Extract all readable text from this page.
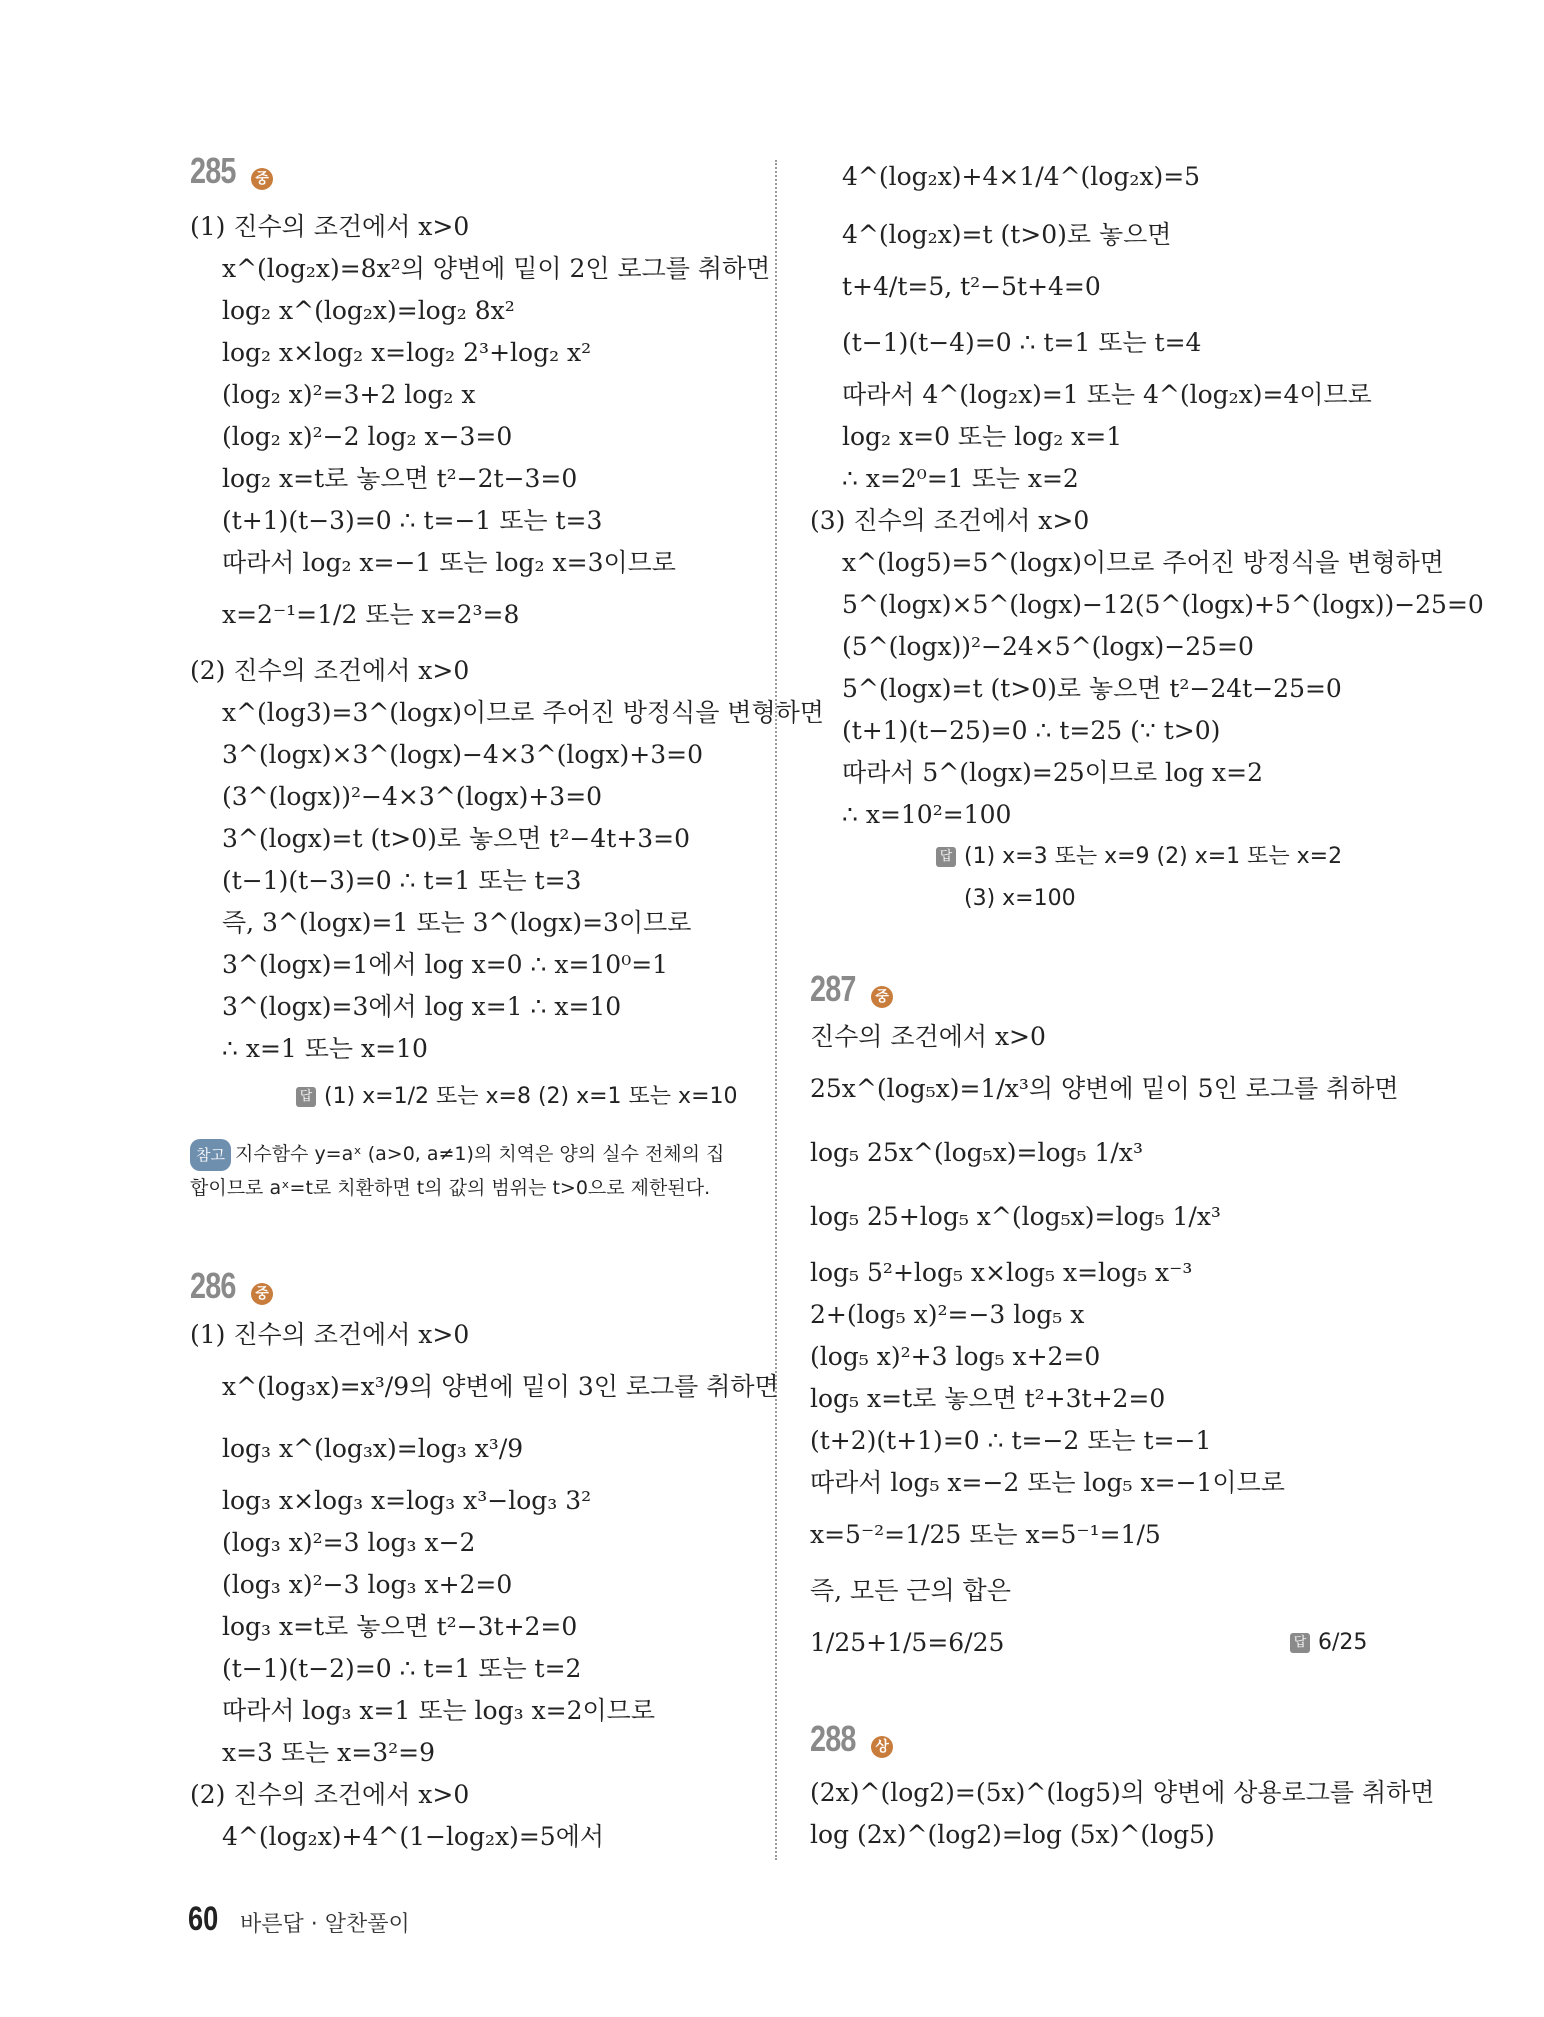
285 중
(1) 진수의 조건에서 x>0
x^(log₂x)=8x²의 양변에 밑이 2인 로그를 취하면
log₂ x^(log₂x)=log₂ 8x²
log₂ x×log₂ x=log₂ 2³+log₂ x²
(log₂ x)²=3+2 log₂ x
(log₂ x)²−2 log₂ x−3=0
log₂ x=t로 놓으면 t²−2t−3=0
(t+1)(t−3)=0 ∴ t=−1 또는 t=3
따라서 log₂ x=−1 또는 log₂ x=3이므로
x=2⁻¹=1/2 또는 x=2³=8
(2) 진수의 조건에서 x>0
x^(log3)=3^(logx)이므로 주어진 방정식을 변형하면
3^(logx)×3^(logx)−4×3^(logx)+3=0
(3^(logx))²−4×3^(logx)+3=0
3^(logx)=t (t>0)로 놓으면 t²−4t+3=0
(t−1)(t−3)=0 ∴ t=1 또는 t=3
즉, 3^(logx)=1 또는 3^(logx)=3이므로
3^(logx)=1에서 log x=0 ∴ x=10⁰=1
3^(logx)=3에서 log x=1 ∴ x=10
∴ x=1 또는 x=10
답 (1) x=1/2 또는 x=8 (2) x=1 또는 x=10
참고 지수함수 y=aˣ (a>0, a≠1)의 치역은 양의 실수 전체의 집
합이므로 aˣ=t로 치환하면 t의 값의 범위는 t>0으로 제한된다.
286 중
(1) 진수의 조건에서 x>0
x^(log₃x)=x³/9의 양변에 밑이 3인 로그를 취하면
log₃ x^(log₃x)=log₃ x³/9
log₃ x×log₃ x=log₃ x³−log₃ 3²
(log₃ x)²=3 log₃ x−2
(log₃ x)²−3 log₃ x+2=0
log₃ x=t로 놓으면 t²−3t+2=0
(t−1)(t−2)=0 ∴ t=1 또는 t=2
따라서 log₃ x=1 또는 log₃ x=2이므로
x=3 또는 x=3²=9
(2) 진수의 조건에서 x>0
4^(log₂x)+4^(1−log₂x)=5에서
4^(log₂x)+4×1/4^(log₂x)=5
4^(log₂x)=t (t>0)로 놓으면
t+4/t=5, t²−5t+4=0
(t−1)(t−4)=0 ∴ t=1 또는 t=4
따라서 4^(log₂x)=1 또는 4^(log₂x)=4이므로
log₂ x=0 또는 log₂ x=1
∴ x=2⁰=1 또는 x=2
(3) 진수의 조건에서 x>0
x^(log5)=5^(logx)이므로 주어진 방정식을 변형하면
5^(logx)×5^(logx)−12(5^(logx)+5^(logx))−25=0
(5^(logx))²−24×5^(logx)−25=0
5^(logx)=t (t>0)로 놓으면 t²−24t−25=0
(t+1)(t−25)=0 ∴ t=25 (∵ t>0)
따라서 5^(logx)=25이므로 log x=2
∴ x=10²=100
답 (1) x=3 또는 x=9 (2) x=1 또는 x=2
(3) x=100
287 중
진수의 조건에서 x>0
25x^(log₅x)=1/x³의 양변에 밑이 5인 로그를 취하면
log₅ 25x^(log₅x)=log₅ 1/x³
log₅ 25+log₅ x^(log₅x)=log₅ 1/x³
log₅ 5²+log₅ x×log₅ x=log₅ x⁻³
2+(log₅ x)²=−3 log₅ x
(log₅ x)²+3 log₅ x+2=0
log₅ x=t로 놓으면 t²+3t+2=0
(t+2)(t+1)=0 ∴ t=−2 또는 t=−1
따라서 log₅ x=−2 또는 log₅ x=−1이므로
x=5⁻²=1/25 또는 x=5⁻¹=1/5
즉, 모든 근의 합은
1/25+1/5=6/25	답 6/25
288 상
(2x)^(log2)=(5x)^(log5)의 양변에 상용로그를 취하면
log (2x)^(log2)=log (5x)^(log5)
60 바른답 · 알찬풀이
